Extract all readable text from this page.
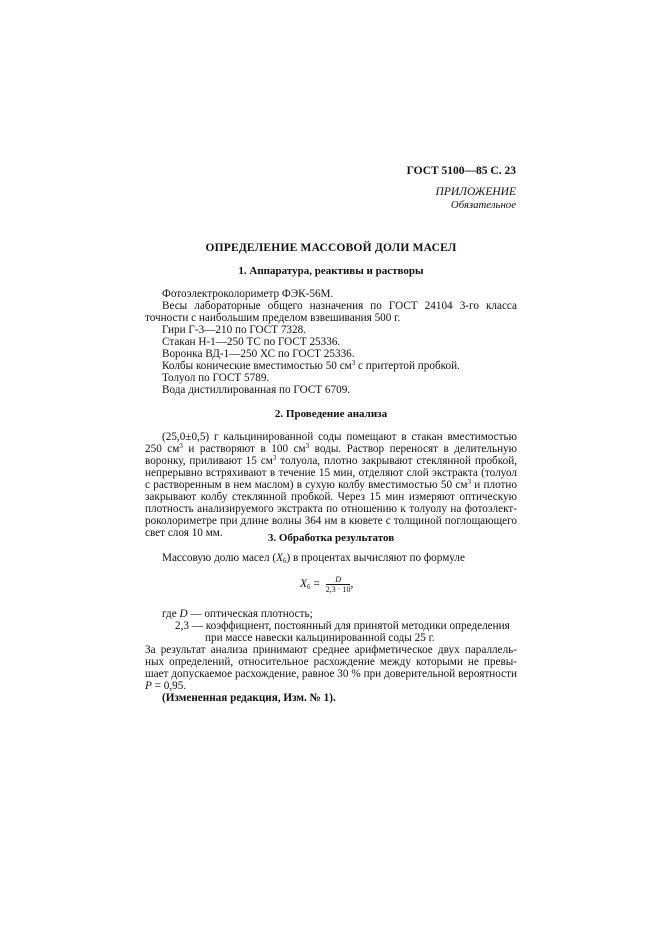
ГОСТ 5100—85 С. 23
ПРИЛОЖЕНИЕ
Обязательное
ОПРЕДЕЛЕНИЕ МАССОВОЙ ДОЛИ МАСЕЛ
1. Аппаратура, реактивы и растворы
Фотоэлектроколориметр ФЭК-56М.
Весы лабораторные общего назначения по ГОСТ 24104 3-го класса
точности с наибольшим пределом взвешивания 500 г.
Гири Г-3—210 по ГОСТ 7328.
Стакан Н-1—250 ТС по ГОСТ 25336.
Воронка ВД-1—250 ХС по ГОСТ 25336.
Колбы конические вместимостью 50 $см^3$ с притертой пробкой.
Толуол по ГОСТ 5789.
Вода дистиллированная по ГОСТ 6709.
2. Проведение анализа
(25,0±0,5) г кальцинированной соды помещают в стакан вместимостью
250 $см^3$ и растворяют в 100 $см^3$ воды. Раствор переносят в делительную
воронку, приливают 15 $см^3$ толуола, плотно закрывают стеклянной пробкой,
непрерывно встряхивают в течение 15 мин, отделяют слой экстракта (толуол
с растворенным в нем маслом) в сухую колбу вместимостью 50 $см^3$ и плотно
закрывают колбу стеклянной пробкой. Через 15 мин измеряют оптическую
плотность анализируемого экстракта по отношению к толуолу на фотоэлект-
роколориметре при длине волны 364 нм в кювете с толщиной поглощающего
свет слоя 10 мм.	3. Обработка результатов
Массовую долю масел $(X_6)$ в процентах вычисляют по формуле
$X_6 = \frac{D}{2,3 \cdot 10}$ ,
где D — оптическая плотность;
2,3 — коэффициент, постоянный для принятой методики определения
при массе навески кальцинированной соды 25 г.
За результат анализа принимают среднее арифметическое двух параллель-
ных определений, относительное расхождение между которыми не превы-
шает допускаемое расхождение, равное 30 % при доверительной вероятности
P = 0,95.
(Измененная редакция, Изм. № 1).
